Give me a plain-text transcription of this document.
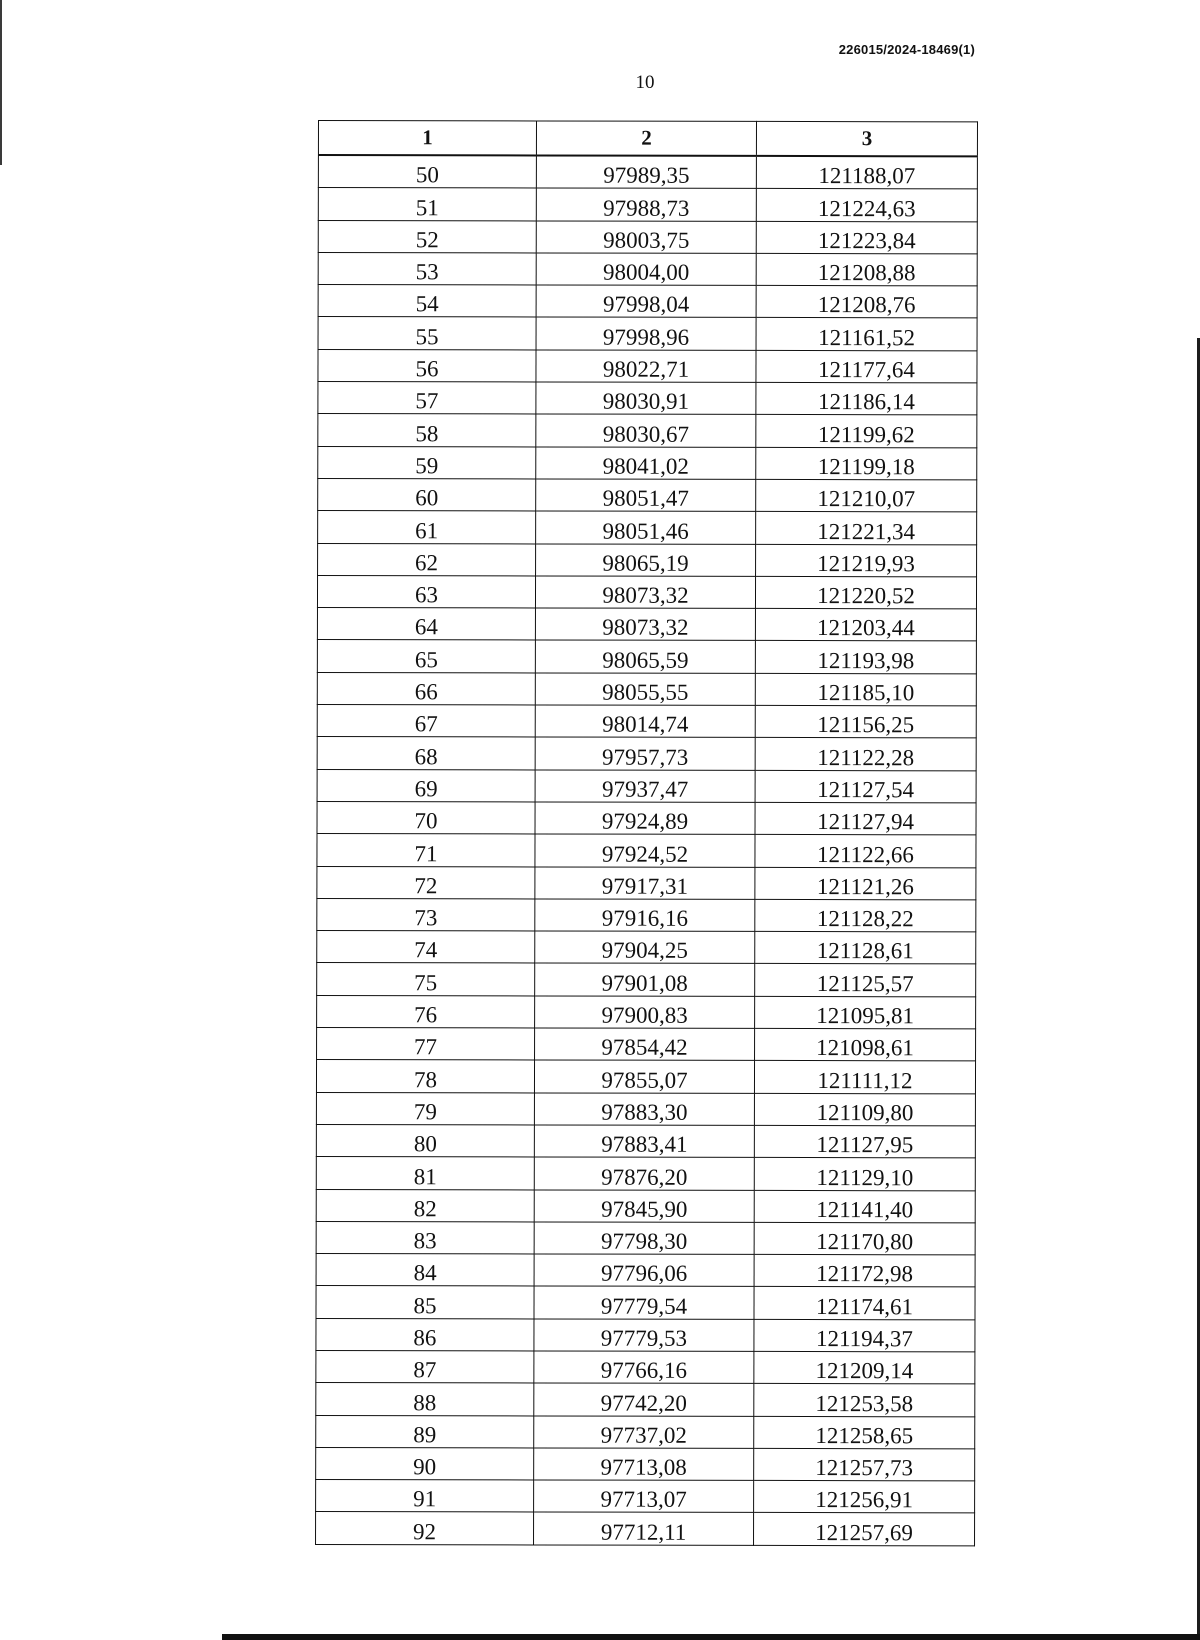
226015/2024-18469(1)
10
1	2	3
50	97989,35	121188,07
51	97988,73	121224,63
52	98003,75	121223,84
53	98004,00	121208,88
54	97998,04	121208,76
55	97998,96	121161,52
56	98022,71	121177,64
57	98030,91	121186,14
58	98030,67	121199,62
59	98041,02	121199,18
60	98051,47	121210,07
61	98051,46	121221,34
62	98065,19	121219,93
63	98073,32	121220,52
64	98073,32	121203,44
65	98065,59	121193,98
66	98055,55	121185,10
67	98014,74	121156,25
68	97957,73	121122,28
69	97937,47	121127,54
70	97924,89	121127,94
71	97924,52	121122,66
72	97917,31	121121,26
73	97916,16	121128,22
74	97904,25	121128,61
75	97901,08	121125,57
76	97900,83	121095,81
77	97854,42	121098,61
78	97855,07	121111,12
79	97883,30	121109,80
80	97883,41	121127,95
81	97876,20	121129,10
82	97845,90	121141,40
83	97798,30	121170,80
84	97796,06	121172,98
85	97779,54	121174,61
86	97779,53	121194,37
87	97766,16	121209,14
88	97742,20	121253,58
89	97737,02	121258,65
90	97713,08	121257,73
91	97713,07	121256,91
92	97712,11	121257,69
